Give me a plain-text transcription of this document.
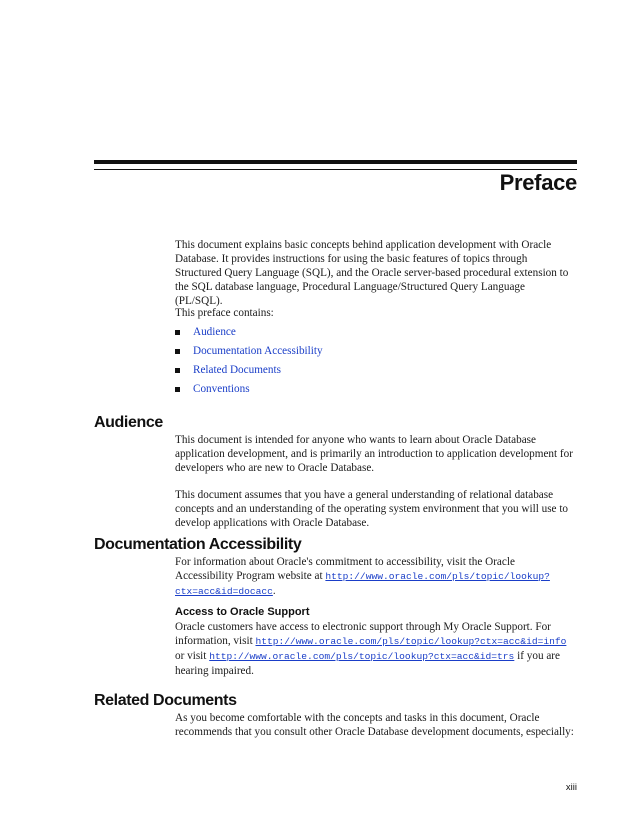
Preface

This document explains basic concepts behind application development with Oracle Database. It provides instructions for using the basic features of topics through Structured Query Language (SQL), and the Oracle server-based procedural extension to the SQL database language, Procedural Language/Structured Query Language (PL/SQL).

This preface contains:

Audience
Documentation Accessibility
Related Documents
Conventions
Audience

This document is intended for anyone who wants to learn about Oracle Database application development, and is primarily an introduction to application development for developers who are new to Oracle Database.

This document assumes that you have a general understanding of relational database concepts and an understanding of the operating system environment that you will use to develop applications with Oracle Database.

Documentation Accessibility

For information about Oracle's commitment to accessibility, visit the Oracle Accessibility Program website at http://www.oracle.com/pls/topic/lookup?ctx=acc&id=docacc.

Access to Oracle Support

Oracle customers have access to electronic support through My Oracle Support. For information, visit http://www.oracle.com/pls/topic/lookup?ctx=acc&id=info or visit http://www.oracle.com/pls/topic/lookup?ctx=acc&id=trs if you are hearing impaired.

Related Documents

As you become comfortable with the concepts and tasks in this document, Oracle recommends that you consult other Oracle Database development documents, especially:

xiii
